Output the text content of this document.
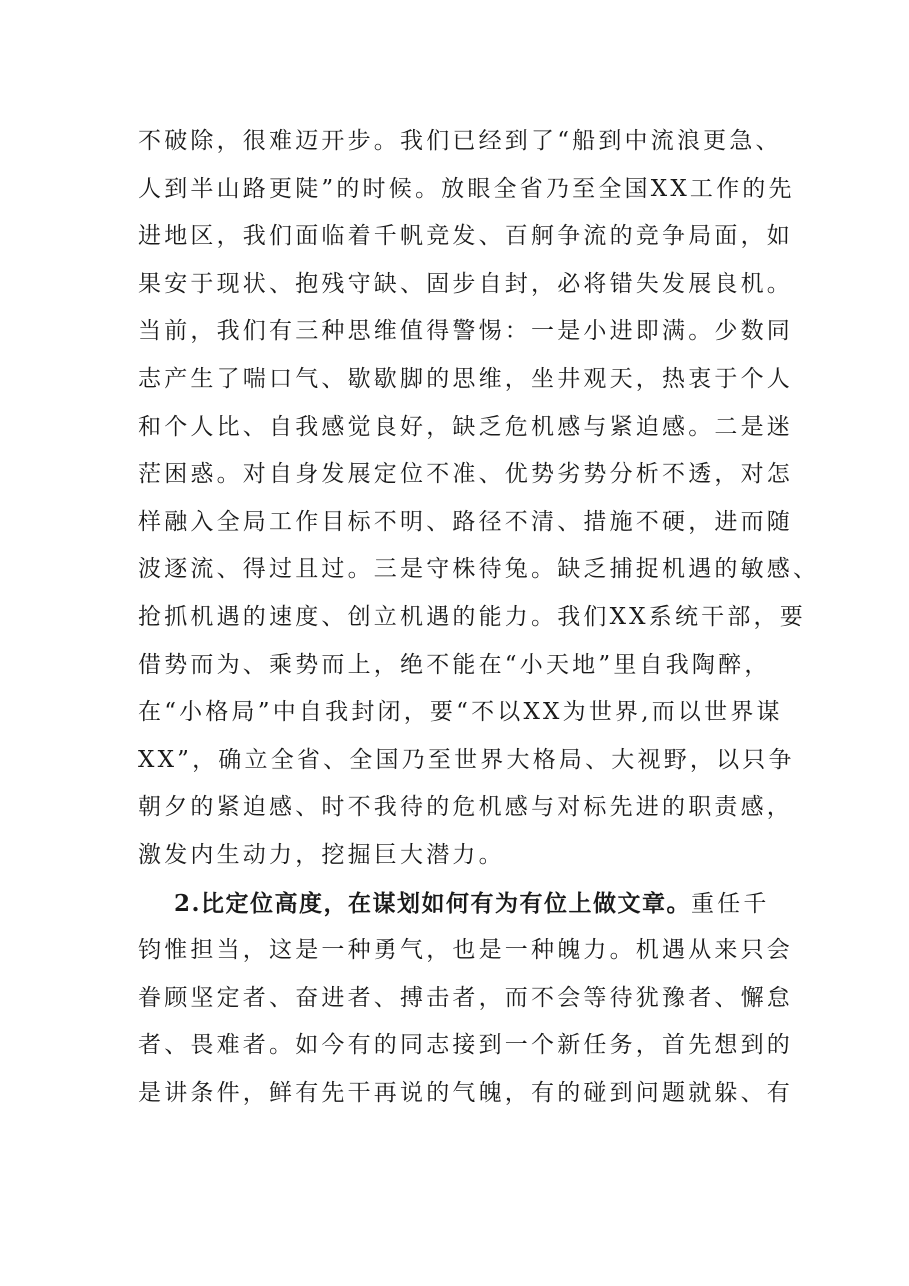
不破除，很难迈开步。我们已经到了“船到中流浪更急、
人到半山路更陡”的时候。放眼全省乃至全国XX工作的先
进地区，我们面临着千帆竞发、百舸争流的竞争局面，如
果安于现状、抱残守缺、固步自封，必将错失发展良机。
当前，我们有三种思维值得警惕：一是小进即满。少数同
志产生了喘口气、歇歇脚的思维，坐井观天，热衷于个人
和个人比、自我感觉良好，缺乏危机感与紧迫感。二是迷
茫困惑。对自身发展定位不准、优势劣势分析不透，对怎
样融入全局工作目标不明、路径不清、措施不硬，进而随
波逐流、得过且过。三是守株待兔。缺乏捕捉机遇的敏感、
抢抓机遇的速度、创立机遇的能力。我们XX系统干部，要
借势而为、乘势而上，绝不能在“小天地”里自我陶醉，
在“小格局”中自我封闭，要“不以XX为世界,而以世界谋
XX”，确立全省、全国乃至世界大格局、大视野，以只争
朝夕的紧迫感、时不我待的危机感与对标先进的职责感，
激发内生动力，挖掘巨大潜力。
2.比定位高度，在谋划如何有为有位上做文章。重任千
钧惟担当，这是一种勇气，也是一种魄力。机遇从来只会
眷顾坚定者、奋进者、搏击者，而不会等待犹豫者、懈怠
者、畏难者。如今有的同志接到一个新任务，首先想到的
是讲条件，鲜有先干再说的气魄，有的碰到问题就躲、有
